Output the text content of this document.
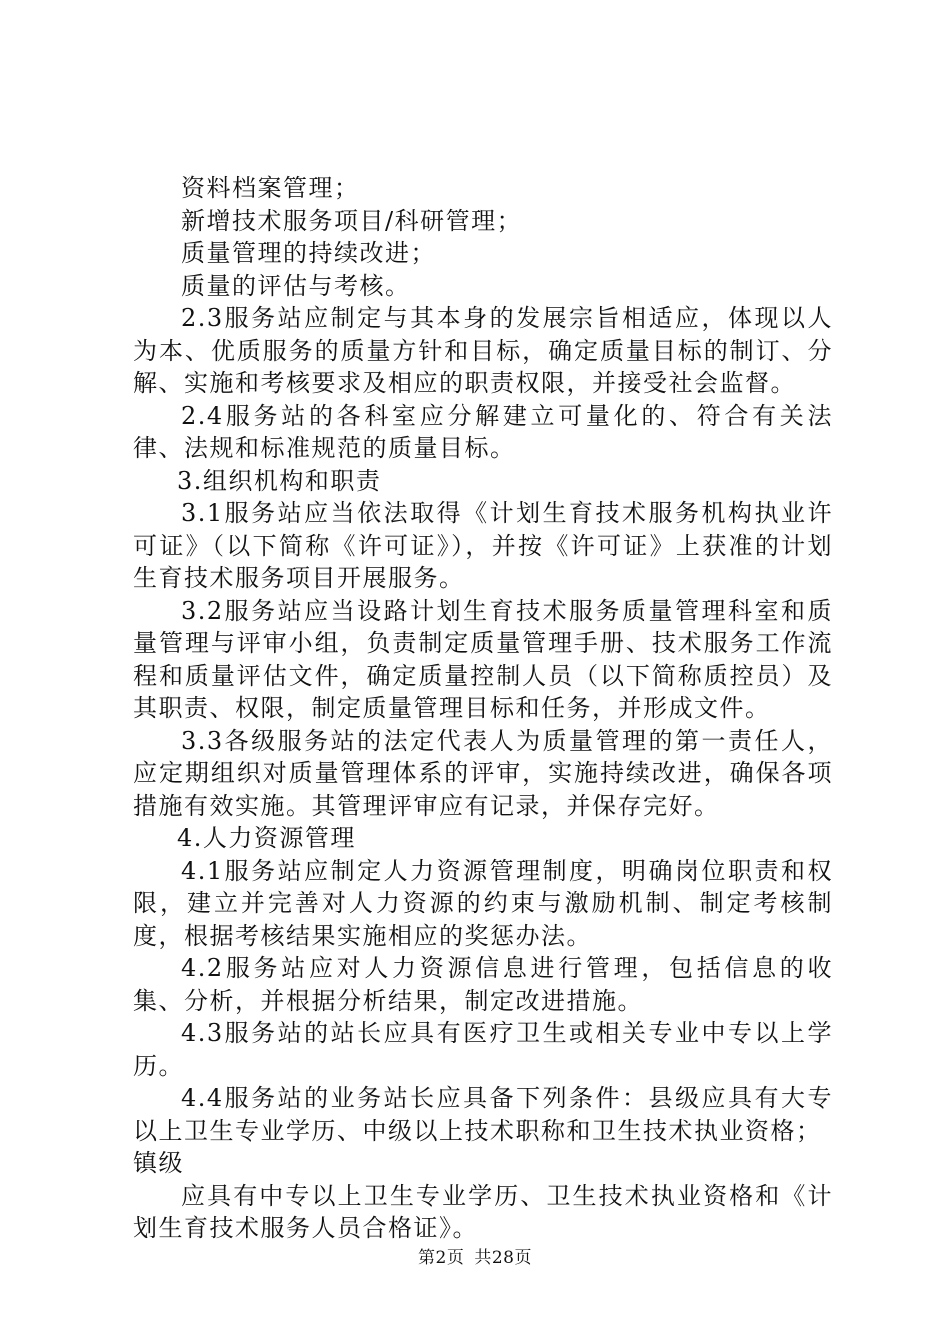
资料档案管理；

新增技术服务项目/科研管理；

质量管理的持续改进；

质量的评估与考核。

2.3服务站应制定与其本身的发展宗旨相适应，体现以人为本、优质服务的质量方针和目标，确定质量目标的制订、分解、实施和考核要求及相应的职责权限，并接受社会监督。

2.4服务站的各科室应分解建立可量化的、符合有关法律、法规和标准规范的质量目标。

3.组织机构和职责

3.1服务站应当依法取得《计划生育技术服务机构执业许可证》（以下简称《许可证》），并按《许可证》上获准的计划生育技术服务项目开展服务。

3.2服务站应当设路计划生育技术服务质量管理科室和质量管理与评审小组，负责制定质量管理手册、技术服务工作流程和质量评估文件，确定质量控制人员（以下简称质控员）及其职责、权限，制定质量管理目标和任务，并形成文件。

3.3各级服务站的法定代表人为质量管理的第一责任人，应定期组织对质量管理体系的评审，实施持续改进，确保各项措施有效实施。其管理评审应有记录，并保存完好。

4.人力资源管理

4.1服务站应制定人力资源管理制度，明确岗位职责和权限，建立并完善对人力资源的约束与激励机制、制定考核制度，根据考核结果实施相应的奖惩办法。

4.2服务站应对人力资源信息进行管理，包括信息的收集、分析，并根据分析结果，制定改进措施。

4.3服务站的站长应具有医疗卫生或相关专业中专以上学历。

4.4服务站的业务站长应具备下列条件：县级应具有大专以上卫生专业学历、中级以上技术职称和卫生技术执业资格；

镇级

应具有中专以上卫生专业学历、卫生技术执业资格和《计划生育技术服务人员合格证》。

第2页 共28页
